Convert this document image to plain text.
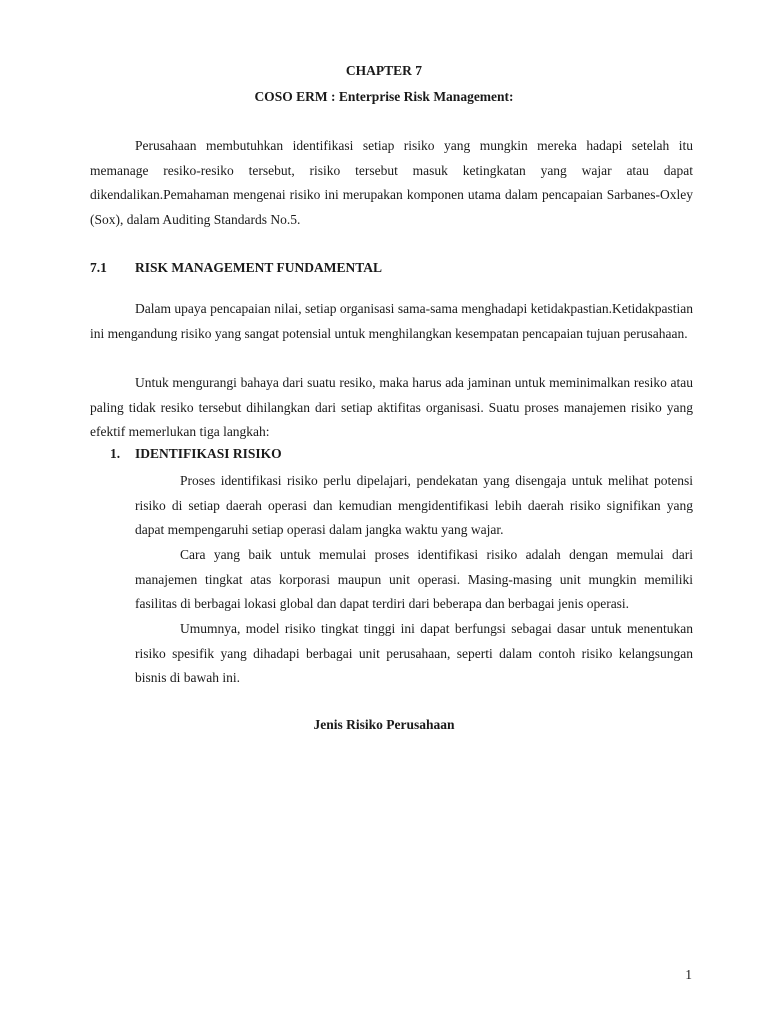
CHAPTER 7
COSO ERM : Enterprise Risk Management:
Perusahaan membutuhkan identifikasi setiap risiko yang mungkin mereka hadapi setelah itu memanage resiko-resiko tersebut, risiko tersebut masuk ketingkatan yang wajar atau dapat dikendalikan.Pemahaman mengenai risiko ini merupakan komponen utama dalam pencapaian Sarbanes-Oxley (Sox), dalam Auditing Standards No.5.
7.1 RISK MANAGEMENT FUNDAMENTAL
Dalam upaya pencapaian nilai, setiap organisasi sama-sama menghadapi ketidakpastian.Ketidakpastian ini mengandung risiko yang sangat potensial untuk menghilangkan kesempatan pencapaian tujuan perusahaan.
Untuk mengurangi bahaya dari suatu resiko, maka harus ada jaminan untuk meminimalkan resiko atau paling tidak resiko tersebut dihilangkan dari setiap aktifitas organisasi. Suatu proses manajemen risiko yang efektif memerlukan tiga langkah:
1. IDENTIFIKASI RISIKO
Proses identifikasi risiko perlu dipelajari, pendekatan yang disengaja untuk melihat potensi risiko di setiap daerah operasi dan kemudian mengidentifikasi lebih daerah risiko signifikan yang dapat mempengaruhi setiap operasi dalam jangka waktu yang wajar.
Cara yang baik untuk memulai proses identifikasi risiko adalah dengan memulai dari manajemen tingkat atas korporasi maupun unit operasi. Masing-masing unit mungkin memiliki fasilitas di berbagai lokasi global dan dapat terdiri dari beberapa dan berbagai jenis operasi.
Umumnya, model risiko tingkat tinggi ini dapat berfungsi sebagai dasar untuk menentukan risiko spesifik yang dihadapi berbagai unit perusahaan, seperti dalam contoh risiko kelangsungan bisnis di bawah ini.
Jenis Risiko Perusahaan
1
